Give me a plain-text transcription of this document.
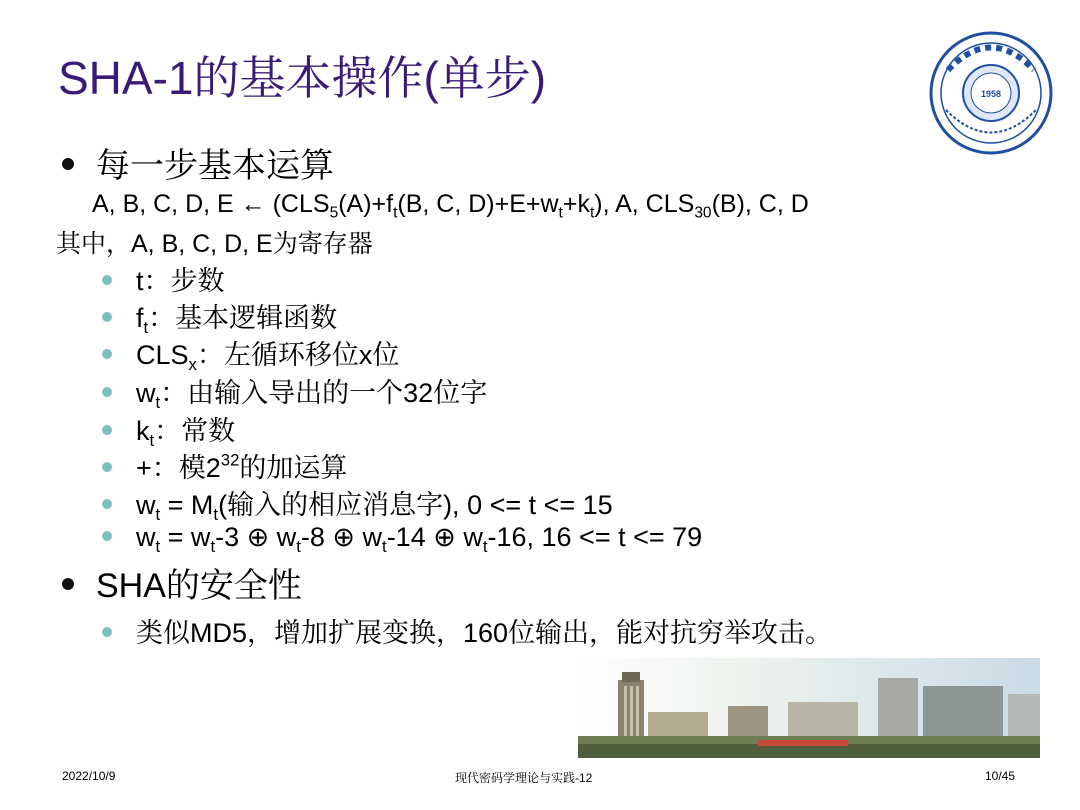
SHA-1的基本操作(单步)	1958
每一步基本运算
A, B, C, D, E ← ($CLS_5(A)+f_t(B$, C, $D)+E+w_t+k_t$), A, $CLS_{30}(B)$, C, D
其中，A, B, C, D, E为寄存器
t：步数
$f_t$：基本逻辑函数
$CLS_x$：左循环移位x位
$w_t$：由输入导出的一个32位字
$k_t$：常数
+：模$2^{32}$的加运算
$w_t = M_t$(输入的相应消息字), 0 <= t <= 15
$w_t = w_t-3$ ⊕ $w_t-8$ ⊕ $w_t-14$ ⊕ $w_t-16$, 16 <= t <= 79
SHA的安全性
类似MD5，增加扩展变换，160位输出，能对抗穷举攻击。
2022/10/9	现代密码学理论与实践-12	10/45
